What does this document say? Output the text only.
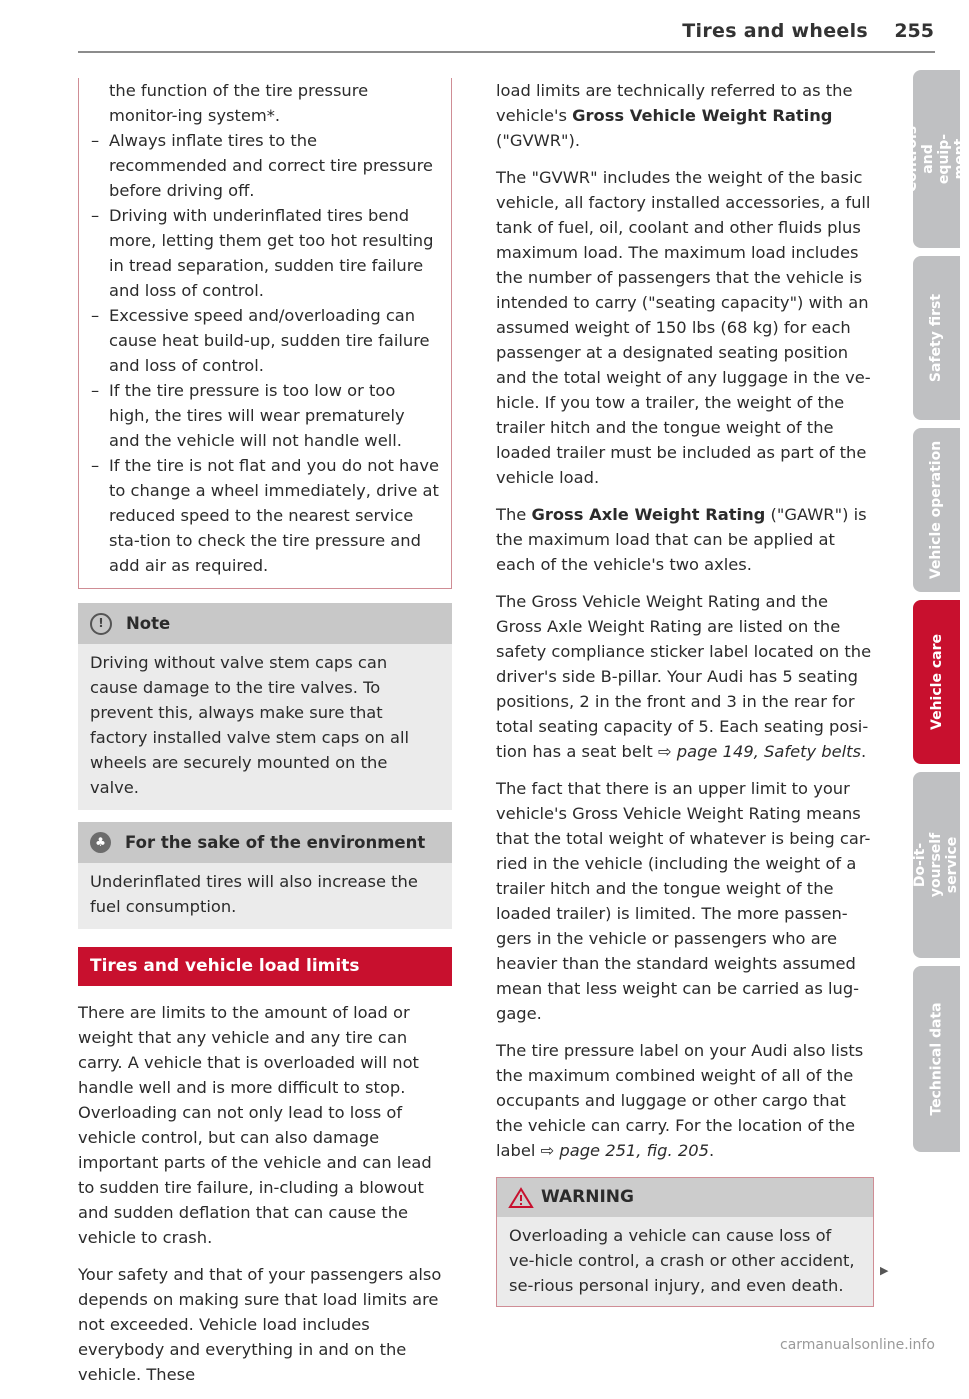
Tires and wheels 255
the function of the tire pressure monitor-ing system*.
– Always inflate tires to the recommended and correct tire pressure before driving off.
– Driving with underinflated tires bend more, letting them get too hot resulting in tread separation, sudden tire failure and loss of control.
– Excessive speed and/overloading can cause heat build-up, sudden tire failure and loss of control.
– If the tire pressure is too low or too high, the tires will wear prematurely and the vehicle will not handle well.
– If the tire is not flat and you do not have to change a wheel immediately, drive at reduced speed to the nearest service sta-tion to check the tire pressure and add air as required.
!	Note
Driving without valve stem caps can cause damage to the tire valves. To prevent this, always make sure that factory installed valve stem caps on all wheels are securely mounted on the valve.
♣	For the sake of the environment
Underinflated tires will also increase the fuel consumption.
Tires and vehicle load limits

There are limits to the amount of load or weight that any vehicle and any tire can carry. A vehicle that is overloaded will not handle well and is more difficult to stop. Overloading can not only lead to loss of vehicle control, but can also damage important parts of the vehicle and can lead to sudden tire failure, in-cluding a blowout and sudden deflation that can cause the vehicle to crash.

Your safety and that of your passengers also depends on making sure that load limits are not exceeded. Vehicle load includes everybody and everything in and on the vehicle. These

load limits are technically referred to as the vehicle's Gross Vehicle Weight Rating ("GVWR").

The "GVWR" includes the weight of the basic vehicle, all factory installed accessories, a full tank of fuel, oil, coolant and other fluids plus maximum load. The maximum load includes the number of passengers that the vehicle is intended to carry ("seating capacity") with an assumed weight of 150 lbs (68 kg) for each passenger at a designated seating position and the total weight of any luggage in the ve-hicle. If you tow a trailer, the weight of the trailer hitch and the tongue weight of the loaded trailer must be included as part of the vehicle load.

The Gross Axle Weight Rating ("GAWR") is the maximum load that can be applied at each of the vehicle's two axles.

The Gross Vehicle Weight Rating and the Gross Axle Weight Rating are listed on the safety compliance sticker label located on the driver's side B-pillar. Your Audi has 5 seating positions, 2 in the front and 3 in the rear for total seating capacity of 5. Each seating posi-tion has a seat belt ⇨ page 149, Safety belts.

The fact that there is an upper limit to your vehicle's Gross Vehicle Weight Rating means that the total weight of whatever is being car-ried in the vehicle (including the weight of a trailer hitch and the tongue weight of the loaded trailer) is limited. The more passen-gers in the vehicle or passengers who are heavier than the standard weights assumed mean that less weight can be carried as lug-gage.

The tire pressure label on your Audi also lists the maximum combined weight of all of the occupants and luggage or other cargo that the vehicle can carry. For the location of the label ⇨ page 251, fig. 205.

WARNING
Overloading a vehicle can cause loss of ve-hicle control, a crash or other accident, se-rious personal injury, and even death.
▶
Controls and equip-ment
Safety first
Vehicle operation
Vehicle care
Do-it-yourself service
Technical data
carmanualsonline.info
